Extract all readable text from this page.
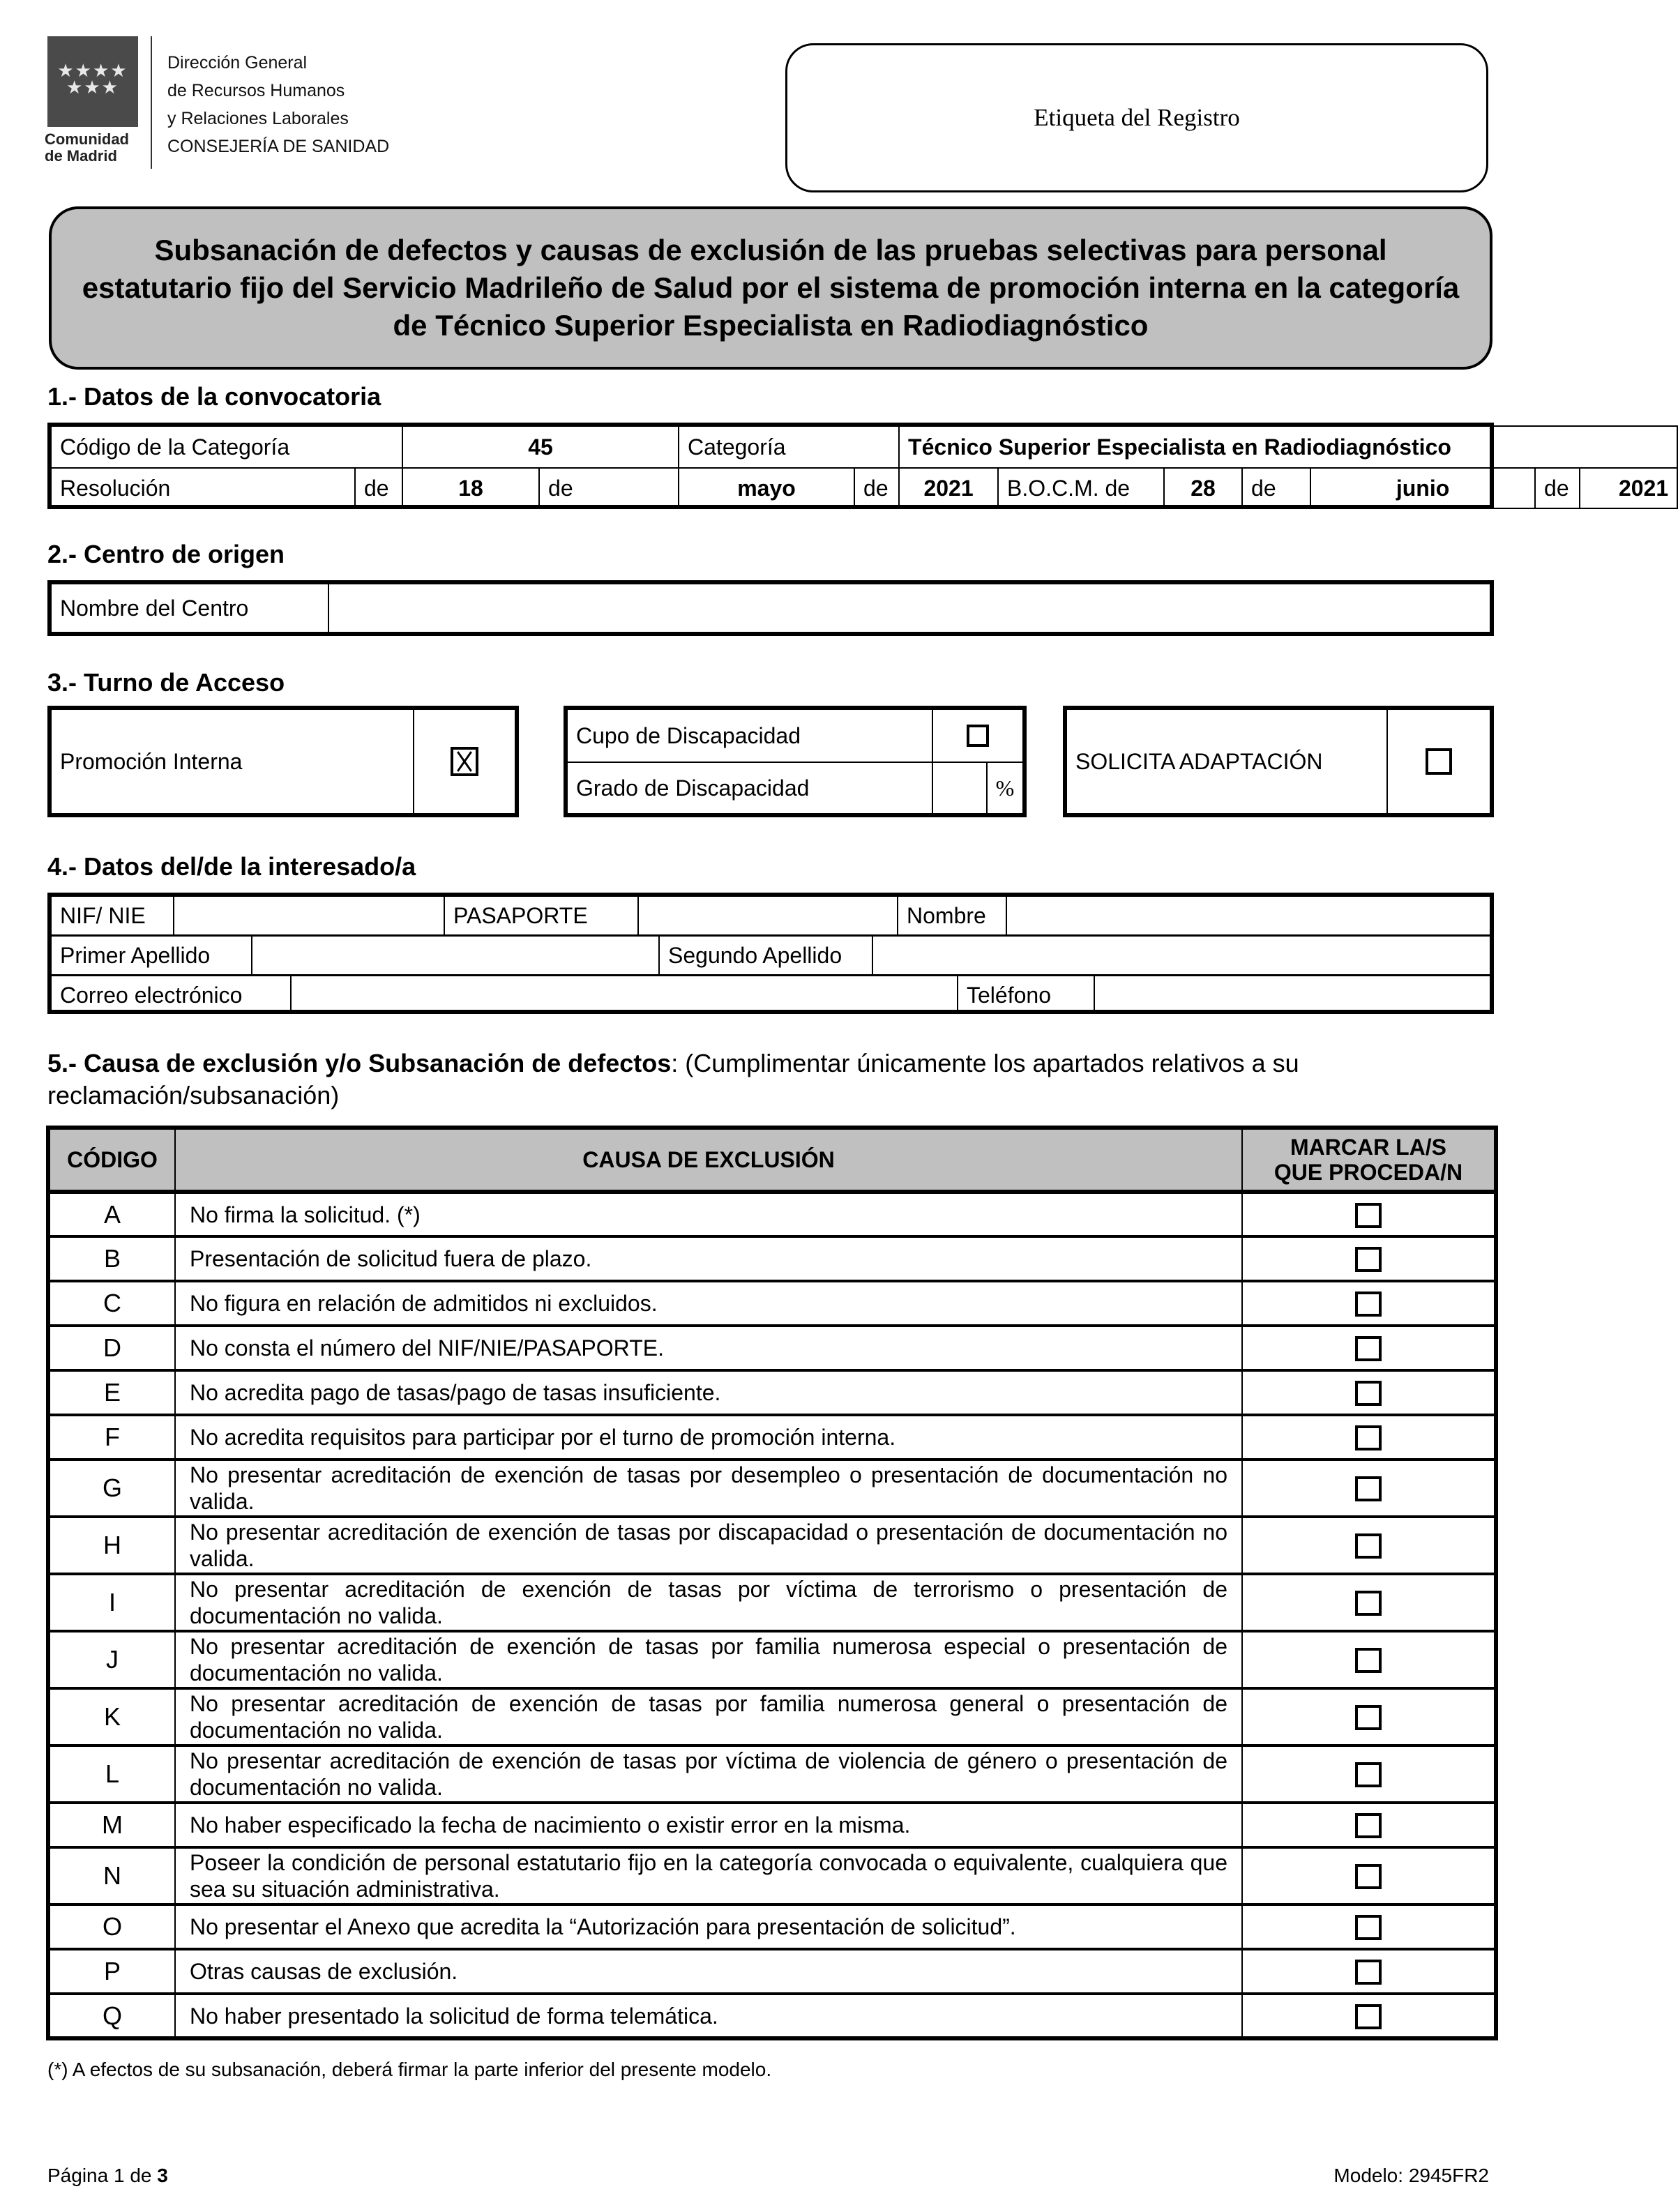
★★★★
★★★
Comunidad
de Madrid
Dirección General
de Recursos Humanos
y Relaciones Laborales
CONSEJERÍA DE SANIDAD
Etiqueta del Registro
Subsanación de defectos y causas de exclusión de las pruebas selectivas para personal estatutario fijo del Servicio Madrileño de Salud por el sistema de promoción interna en la categoría de Técnico Superior Especialista en Radiodiagnóstico
1.- Datos de la convocatoria
Código de la Categoría		45		Categoría		Técnico Superior Especialista en Radiodiagnóstico						
Resolución	de	18	de	mayo	de	2021	B.O.C.M. de	28	de	junio	de	2021
2.- Centro de origen
Nombre del Centro
3.- Turno de Acceso
Promoción Interna
Cupo de Discapacidad
Grado de Discapacidad	%
SOLICITA ADAPTACIÓN
4.- Datos del/de la interesado/a
NIF/ NIE	PASAPORTE	Nombre
Primer Apellido	Segundo Apellido
Correo electrónico	Teléfono
5.- Causa de exclusión y/o Subsanación de defectos: (Cumplimentar únicamente los apartados relativos a su reclamación/subsanación)
CÓDIGO	CAUSA DE EXCLUSIÓN	MARCAR LA/S
QUE PROCEDA/N
A	No firma la solicitud. (*)	
B	Presentación de solicitud fuera de plazo.	
C	No figura en relación de admitidos ni excluidos.	
D	No consta el número del NIF/NIE/PASAPORTE.	
E	No acredita pago de tasas/pago de tasas insuficiente.	
F	No acredita requisitos para participar por el turno de promoción interna.	
G	No presentar acreditación de exención de tasas por desempleo o presentación de documentación no valida.	
H	No presentar acreditación de exención de tasas por discapacidad o presentación de documentación no valida.	
I	No presentar acreditación de exención de tasas por víctima de terrorismo o presentación de documentación no valida.	
J	No presentar acreditación de exención de tasas por familia numerosa especial o presentación de documentación no valida.	
K	No presentar acreditación de exención de tasas por familia numerosa general o presentación de documentación no valida.	
L	No presentar acreditación de exención de tasas por víctima de violencia de género o presentación de documentación no valida.	
M	No haber especificado la fecha de nacimiento o existir error en la misma.	
N	Poseer la condición de personal estatutario fijo en la categoría convocada o equivalente, cualquiera que sea su situación administrativa.	
O	No presentar el Anexo que acredita la “Autorización para presentación de solicitud”.	
P	Otras causas de exclusión.	
Q	No haber presentado la solicitud de forma telemática.	
(*) A efectos de su subsanación, deberá firmar la parte inferior del presente modelo.
Página 1 de 3	Modelo: 2945FR2
